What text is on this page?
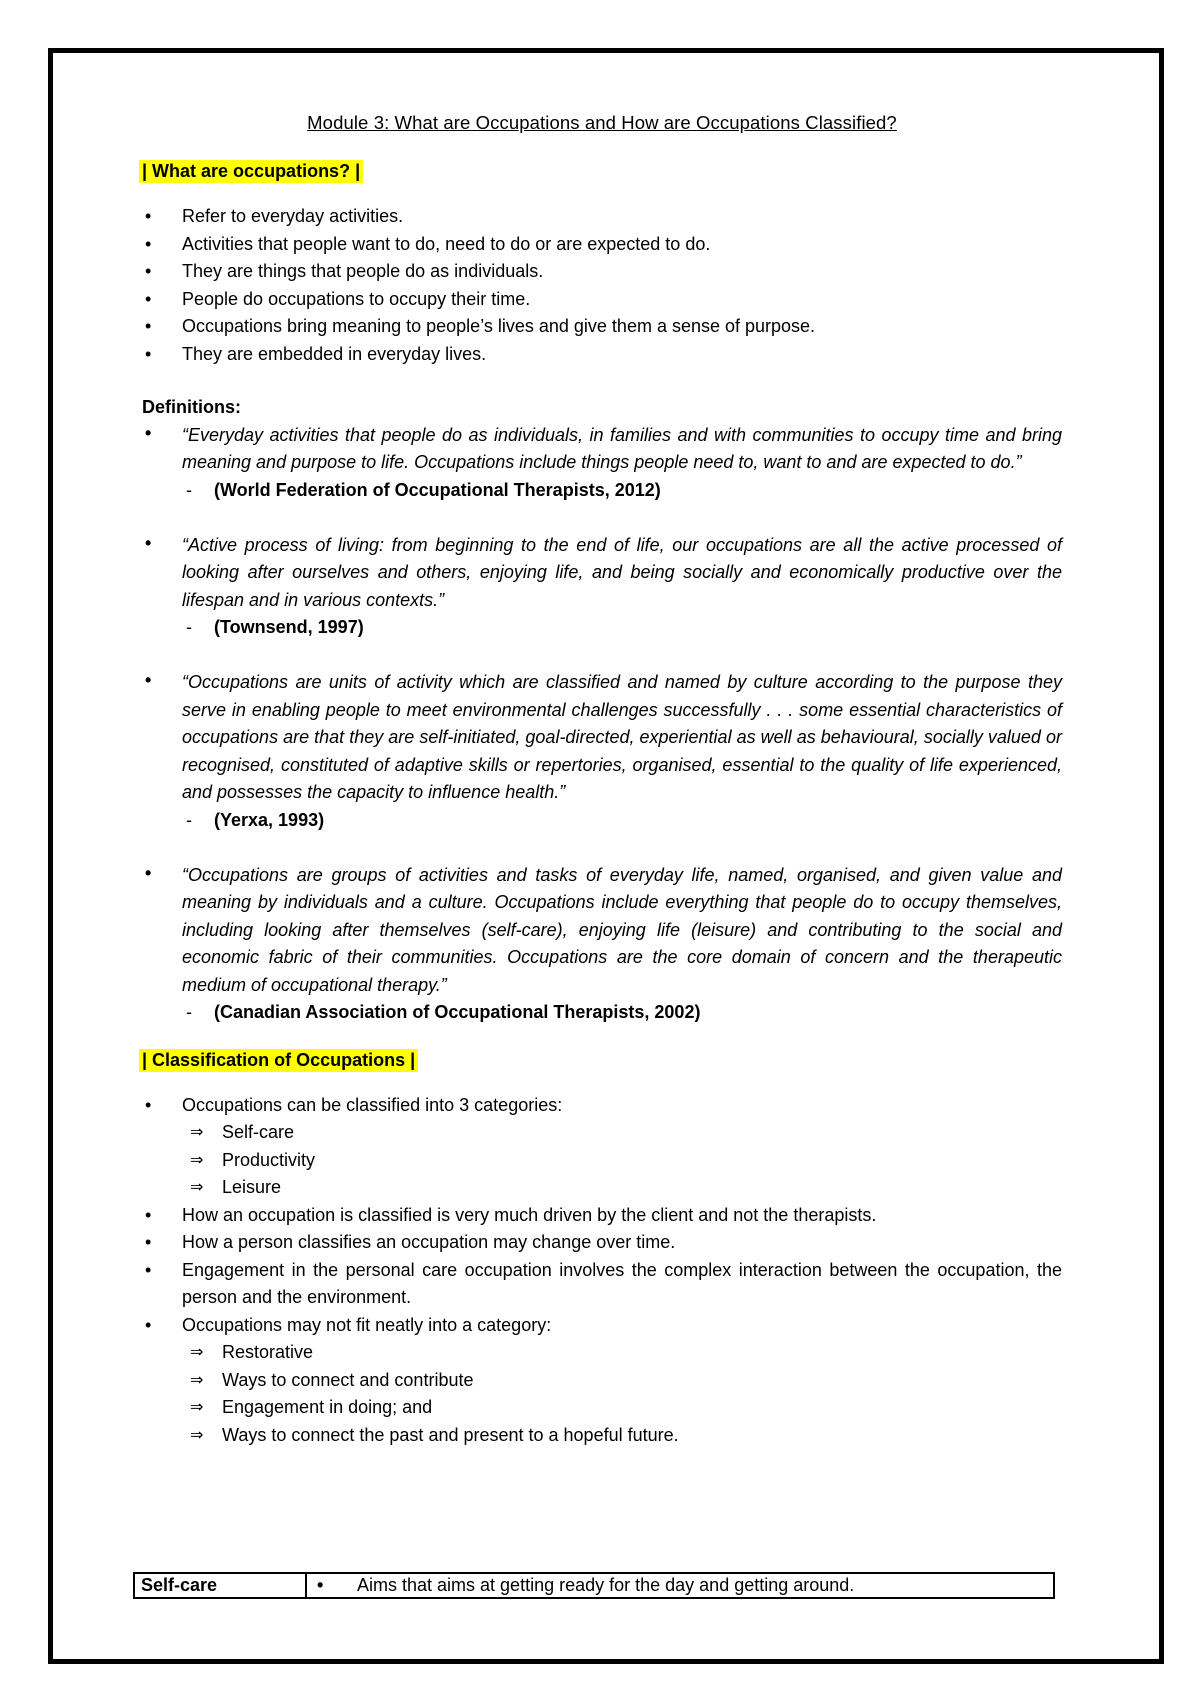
Module 3: What are Occupations and How are Occupations Classified?
| What are occupations? |
• Refer to everyday activities.
• Activities that people want to do, need to do or are expected to do.
• They are things that people do as individuals.
• People do occupations to occupy their time.
• Occupations bring meaning to people’s lives and give them a sense of purpose.
• They are embedded in everyday lives.
Definitions:
• “Everyday activities that people do as individuals, in families and with communities to occupy time and bring meaning and purpose to life. Occupations include things people need to, want to and are expected to do.”
- (World Federation of Occupational Therapists, 2012)
• “Active process of living: from beginning to the end of life, our occupations are all the active processed of looking after ourselves and others, enjoying life, and being socially and economically productive over the lifespan and in various contexts.”
- (Townsend, 1997)
• “Occupations are units of activity which are classified and named by culture according to the purpose they serve in enabling people to meet environmental challenges successfully . . . some essential characteristics of occupations are that they are self-initiated, goal-directed, experiential as well as behavioural, socially valued or recognised, constituted of adaptive skills or repertories, organised, essential to the quality of life experienced, and possesses the capacity to influence health.”
- (Yerxa, 1993)
• “Occupations are groups of activities and tasks of everyday life, named, organised, and given value and meaning by individuals and a culture. Occupations include everything that people do to occupy themselves, including looking after themselves (self-care), enjoying life (leisure) and contributing to the social and economic fabric of their communities. Occupations are the core domain of concern and the therapeutic medium of occupational therapy.”
- (Canadian Association of Occupational Therapists, 2002)
| Classification of Occupations |
• Occupations can be classified into 3 categories:
⇒ Self-care
⇒ Productivity
⇒ Leisure
• How an occupation is classified is very much driven by the client and not the therapists.
• How a person classifies an occupation may change over time.
• Engagement in the personal care occupation involves the complex interaction between the occupation, the person and the environment.
• Occupations may not fit neatly into a category:
⇒ Restorative
⇒ Ways to connect and contribute
⇒ Engagement in doing; and
⇒ Ways to connect the past and present to a hopeful future.
Self-care	•Aims that aims at getting ready for the day and getting around.
